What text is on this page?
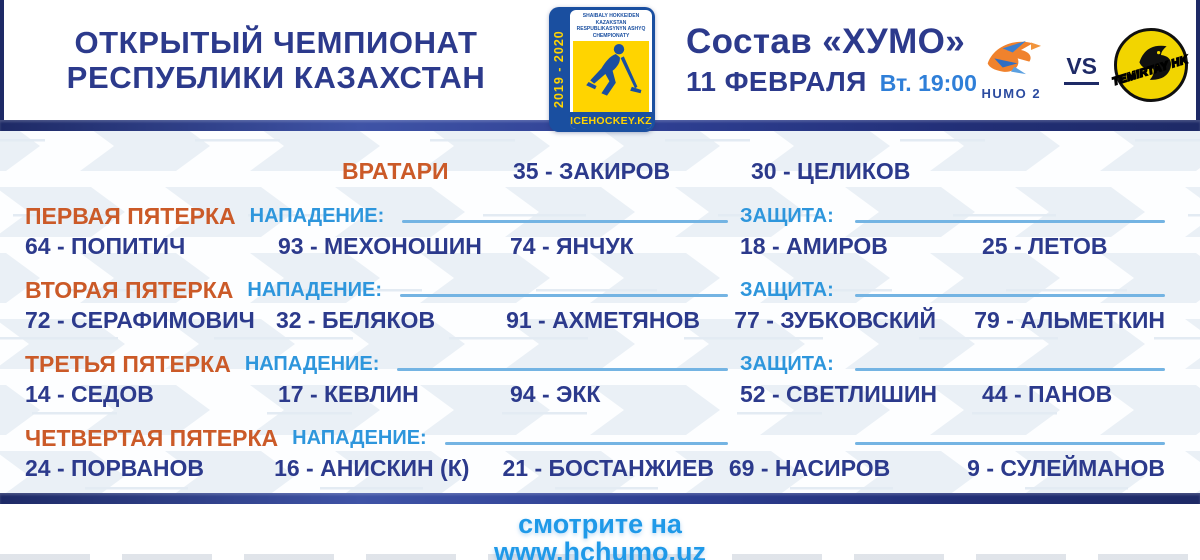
ОТКРЫТЫЙ ЧЕМПИОНАТ
РЕСПУБЛИКИ КАЗАХСТАН	2019 - 2020
SHAIBALY HOKKEIDEN KAZAKSTAN RESPUBLIKASYNYN ASHYQ CHEMPIONATY
ICEHOCKEY.KZ
Состав «ХУМО»
11 ФЕВРАЛЯ Вт. 19:00 HUMO 2
VS TEMIRTAY HK
ВРАТАРИ	35 - ЗАКИРОВ	30 - ЦЕЛИКОВ
ПЕРВАЯ ПЯТЕРКА НАПАДЕНИЕ:	ЗАЩИТА:
64 - ПОПИТИЧ	93 - МЕХОНОШИН	74 - ЯНЧУК	18 - АМИРОВ	25 - ЛЕТОВ
ВТОРАЯ ПЯТЕРКА НАПАДЕНИЕ:	ЗАЩИТА:
72 - СЕРАФИМОВИЧ 32 - БЕЛЯКОВ	91 - АХМЕТЯНОВ	77 - ЗУБКОВСКИЙ	79 - АЛЬМЕТКИН
ТРЕТЬЯ ПЯТЕРКА НАПАДЕНИЕ:	ЗАЩИТА:
14 - СЕДОВ	17 - КЕВЛИН	94 - ЭКК	52 - СВЕТЛИШИН	44 - ПАНОВ
ЧЕТВЕРТАЯ ПЯТЕРКА НАПАДЕНИЕ:
24 - ПОРВАНОВ	16 - АНИСКИН (К)	21 - БОСТАНЖИЕВ 69 - НАСИРОВ	9 - СУЛЕЙМАНОВ
смотрите на
www.hchumo.uz
